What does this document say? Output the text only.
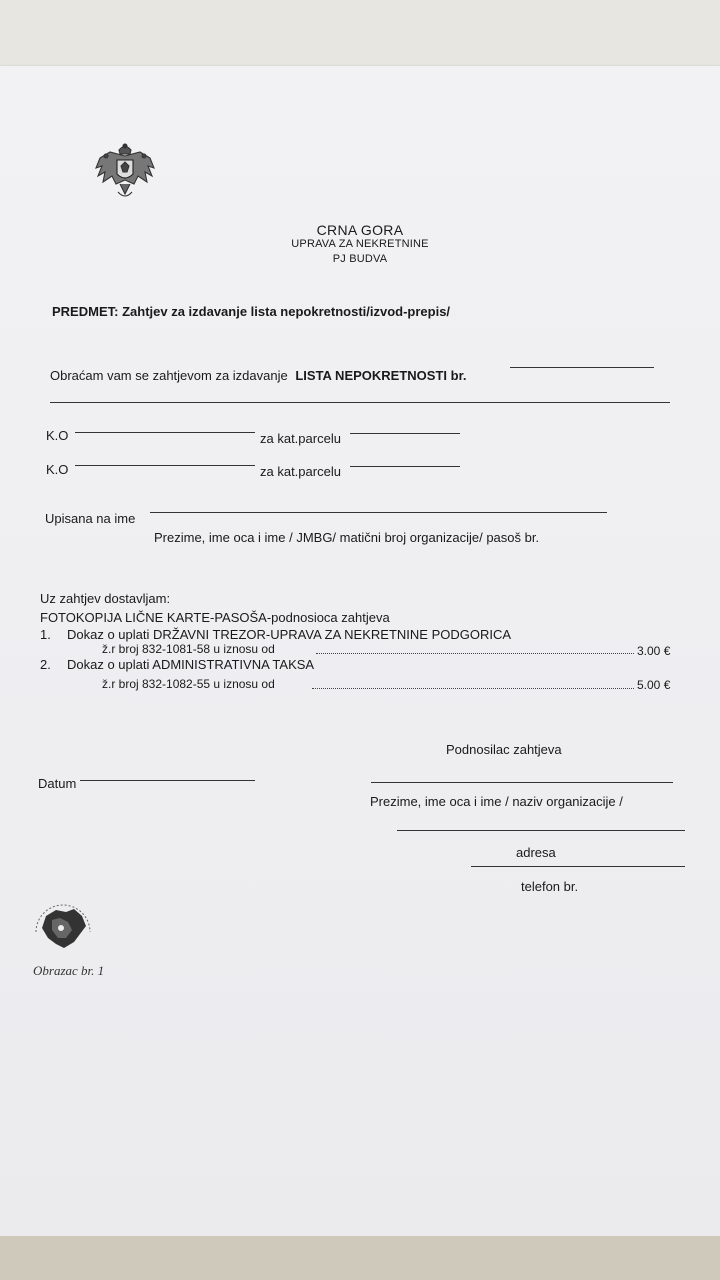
CRNA GORA
UPRAVA ZA NEKRETNINE
PJ BUDVA
PREDMET: Zahtjev za izdavanje lista nepokretnosti/izvod-prepis/
Obraćam vam se zahtjevom za izdavanje LISTA NEPOKRETNOSTI br.
K.O	za kat.parcelu
K.O	za kat.parcelu
Upisana na ime
Prezime, ime oca i ime / JMBG/ matični broj organizacije/ pasoš br.
Uz zahtjev dostavljam:
FOTOKOPIJA LIČNE KARTE-PASOŠA-podnosioca zahtjeva
1. Dokaz o uplati DRŽAVNI TREZOR-UPRAVA ZA NEKRETNINE PODGORICA
ž.r broj 832-1081-58 u iznosu od	3.00 €
2. Dokaz o uplati ADMINISTRATIVNA TAKSA
ž.r broj 832-1082-55 u iznosu od	5.00 €
Podnosilac zahtjeva
Datum
Prezime, ime oca i ime / naziv organizacije /
adresa
telefon br.
Obrazac br. 1
